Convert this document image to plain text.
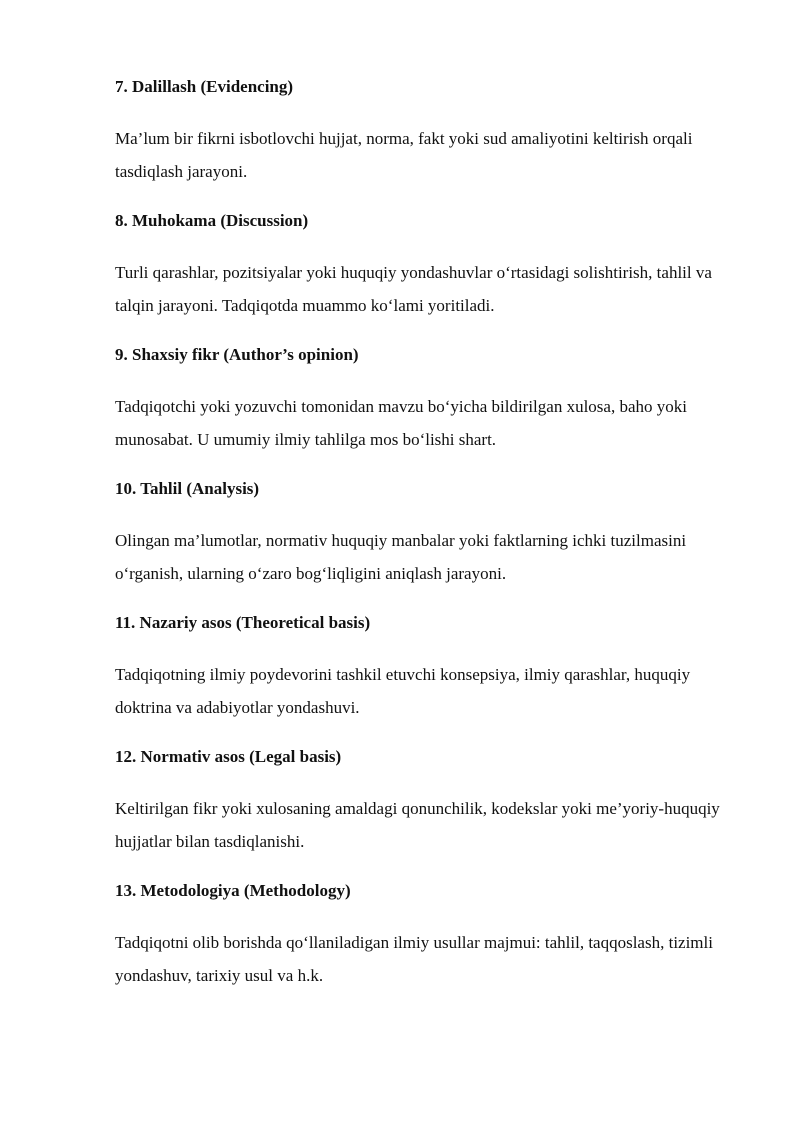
7. Dalillash (Evidencing)

Ma’lum bir fikrni isbotlovchi hujjat, norma, fakt yoki sud amaliyotini keltirish orqali tasdiqlash jarayoni.

8. Muhokama (Discussion)

Turli qarashlar, pozitsiyalar yoki huquqiy yondashuvlar o‘rtasidagi solishtirish, tahlil va talqin jarayoni. Tadqiqotda muammo ko‘lami yoritiladi.

9. Shaxsiy fikr (Author’s opinion)

Tadqiqotchi yoki yozuvchi tomonidan mavzu bo‘yicha bildirilgan xulosa, baho yoki munosabat. U umumiy ilmiy tahlilga mos bo‘lishi shart.

10. Tahlil (Analysis)

Olingan ma’lumotlar, normativ huquqiy manbalar yoki faktlarning ichki tuzilmasini o‘rganish, ularning o‘zaro bog‘liqligini aniqlash jarayoni.

11. Nazariy asos (Theoretical basis)

Tadqiqotning ilmiy poydevorini tashkil etuvchi konsepsiya, ilmiy qarashlar, huquqiy doktrina va adabiyotlar yondashuvi.

12. Normativ asos (Legal basis)

Keltirilgan fikr yoki xulosaning amaldagi qonunchilik, kodekslar yoki me’yoriy-huquqiy hujjatlar bilan tasdiqlanishi.

13. Metodologiya (Methodology)

Tadqiqotni olib borishda qo‘llaniladigan ilmiy usullar majmui: tahlil, taqqoslash, tizimli yondashuv, tarixiy usul va h.k.
